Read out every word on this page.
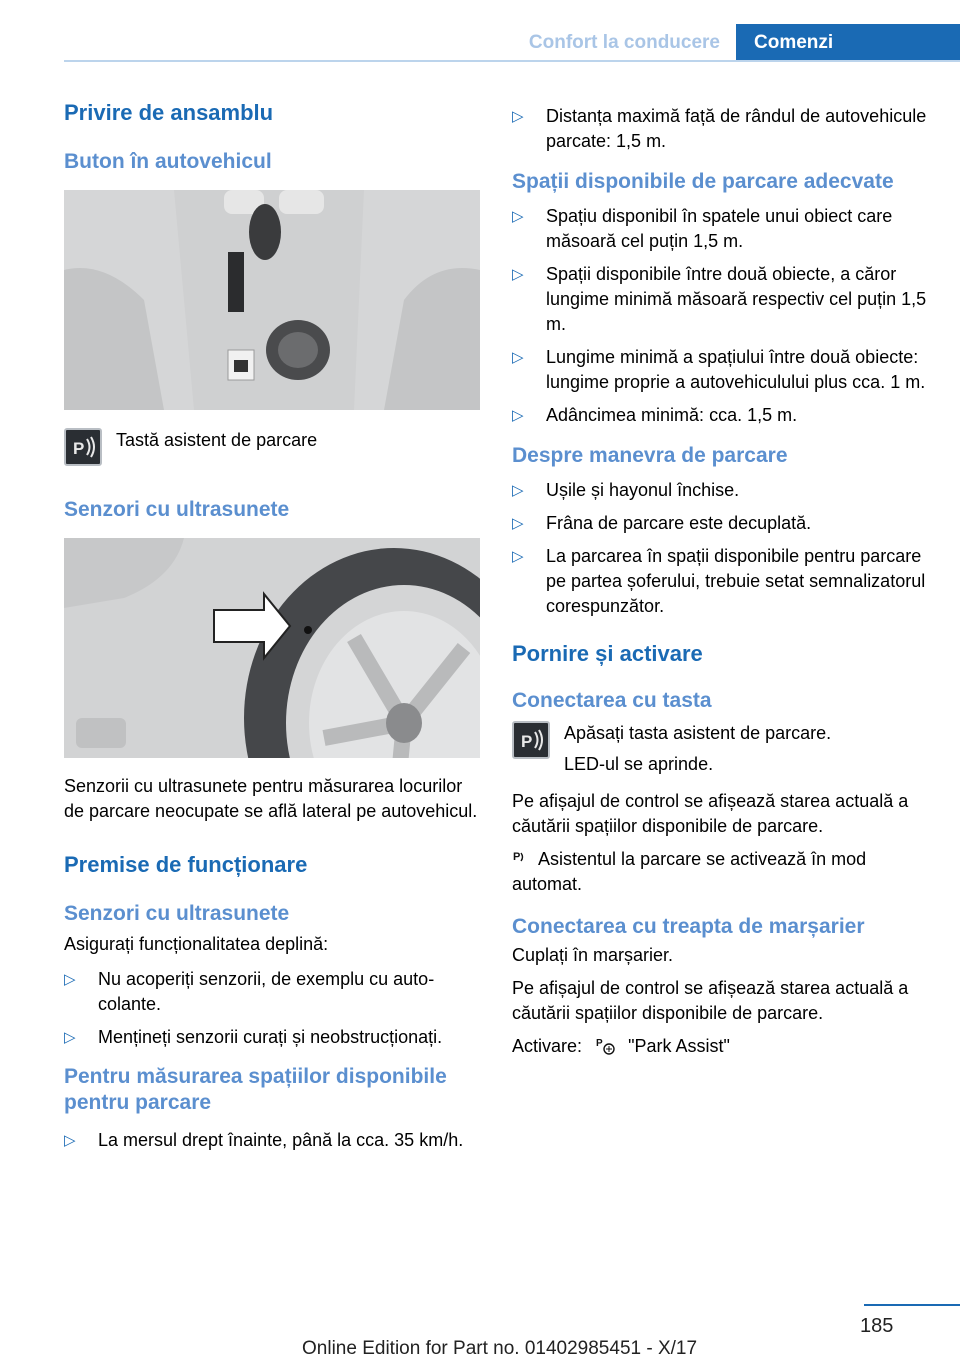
Confort la conducere	Comenzi
Privire de ansamblu
Buton în autovehicul
P Tastă asistent de parcare

Senzori cu ultrasunete

Senzorii cu ultrasunete pentru măsurarea locurilor de parcare neocupate se află lateral pe autovehicul.

Premise de funcționare
Senzori cu ultrasunete

Asigurați funcționalitatea deplină:

▷ Nu acoperiți senzorii, de exemplu cu autocolante.
▷ Mențineți senzorii curați și neobstrucționați.
Pentru măsurarea spațiilor disponibile pentru parcare
▷ La mersul drept înainte, până la cca. 35 km/h.
▷ Distanța maximă față de rândul de autovehicule parcate: 1,5 m.
Spații disponibile de parcare adecvate
▷ Spațiu disponibil în spatele unui obiect care măsoară cel puțin 1,5 m.
▷ Spații disponibile între două obiecte, a căror lungime minimă măsoară respectiv cel puțin 1,5 m.
▷ Lungime minimă a spațiului între două obiecte: lungime proprie a autovehiculului plus cca. 1 m.
▷ Adâncimea minimă: cca. 1,5 m.
Despre manevra de parcare
▷ Ușile și hayonul închise.
▷ Frâna de parcare este decuplată.
▷ La parcarea în spații disponibile pentru parcare pe partea șoferului, trebuie setat semnalizatorul corespunzător.
Pornire și activare
Conectarea cu tasta
P Apăsați tasta asistent de parcare.

LED-ul se aprinde.

Pe afișajul de control se afișează starea actuală a căutării spațiilor disponibile de parcare.

P Asistentul la parcare se activează în mod automat.

Conectarea cu treapta de marșarier

Cuplați în marșarier.

Pe afișajul de control se afișează starea actuală a căutării spațiilor disponibile de parcare.

Activare: P "Park Assist"

185
Online Edition for Part no. 01402985451 - X/17
